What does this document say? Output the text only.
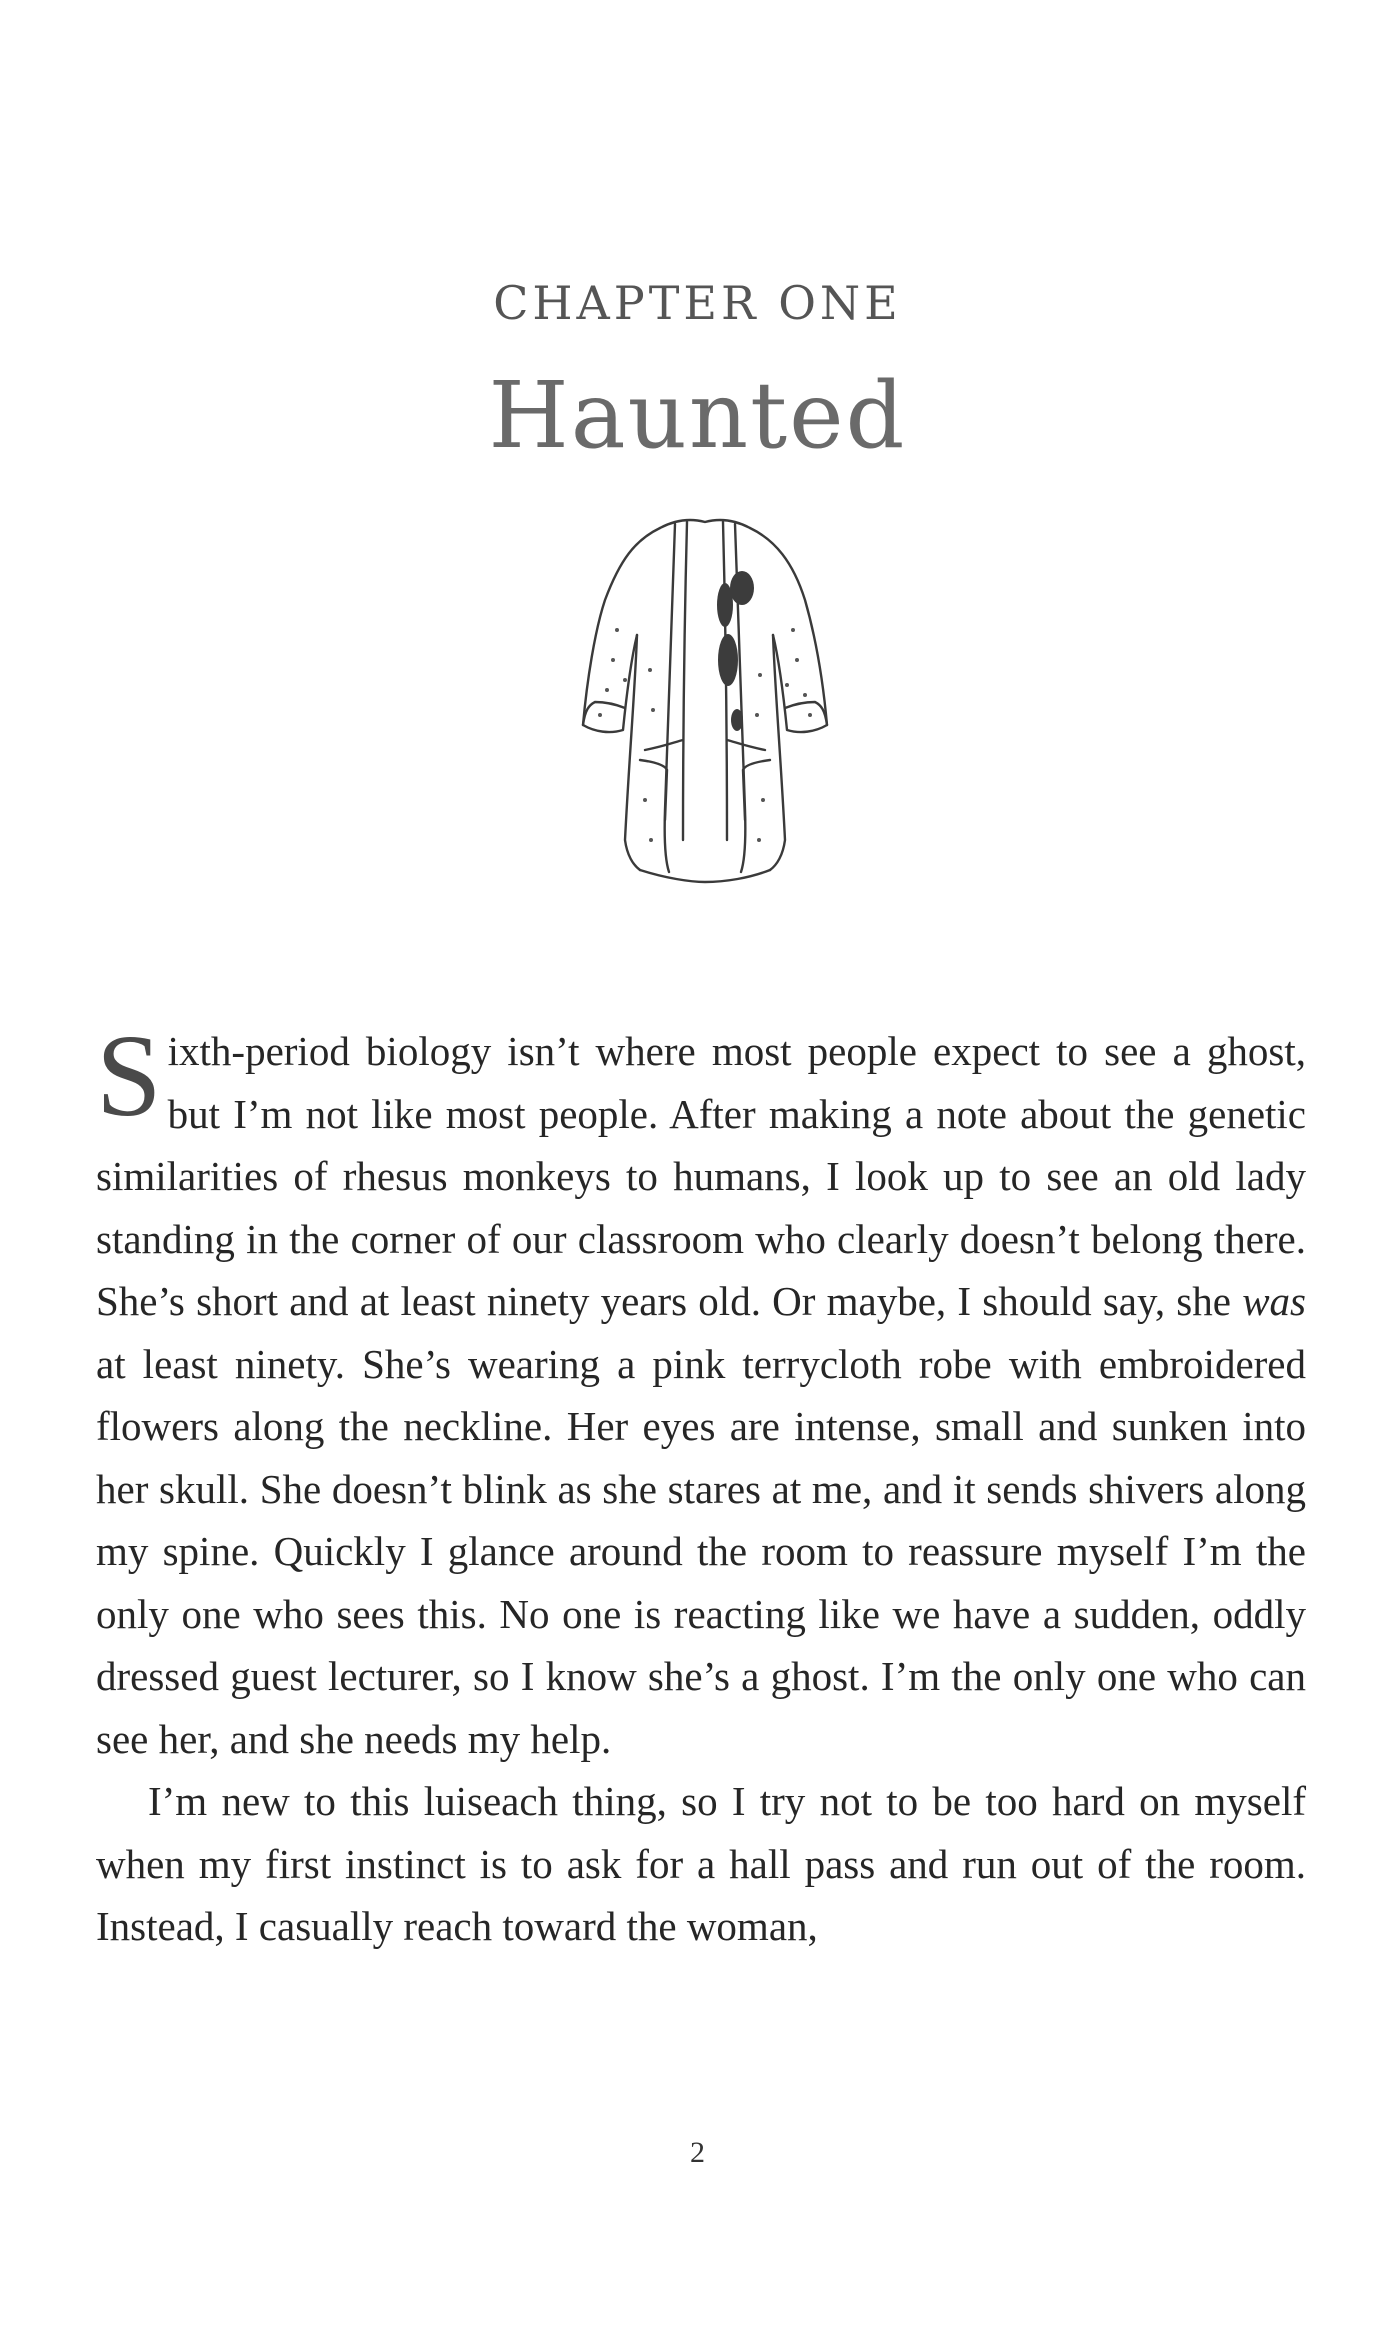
CHAPTER ONE
Haunted

Sixth-period biology isn’t where most people expect to see a ghost, but I’m not like most people. After making a note about the genetic similarities of rhesus monkeys to humans, I look up to see an old lady standing in the corner of our classroom who clearly doesn’t belong there. She’s short and at least ninety years old. Or maybe, I should say, she was at least ninety. She’s wearing a pink terrycloth robe with embroidered flowers along the neckline. Her eyes are intense, small and sunken into her skull. She doesn’t blink as she stares at me, and it sends shivers along my spine. Quickly I glance around the room to reassure myself I’m the only one who sees this. No one is reacting like we have a sudden, oddly dressed guest lecturer, so I know she’s a ghost. I’m the only one who can see her, and she needs my help.

I’m new to this luiseach thing, so I try not to be too hard on myself when my first instinct is to ask for a hall pass and run out of the room. Instead, I casually reach toward the woman,

2
